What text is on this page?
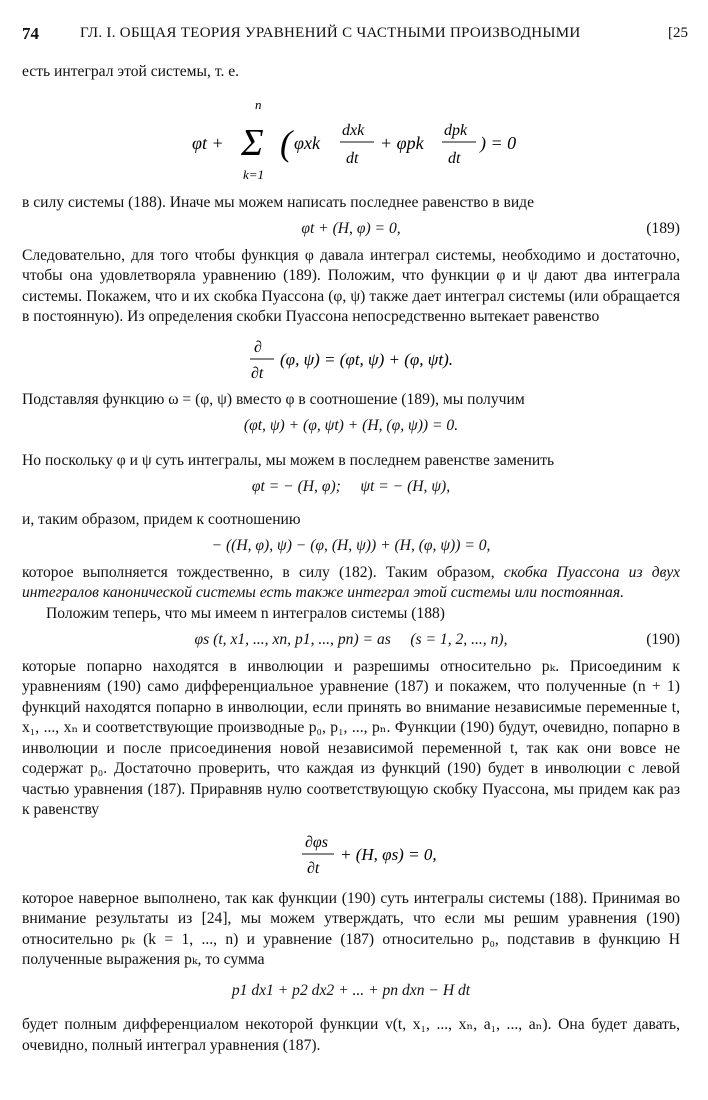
74	ГЛ. I. ОБЩАЯ ТЕОРИЯ УРАВНЕНИЙ С ЧАСТНЫМИ ПРОИЗВОДНЫМИ	[25

есть интеграл этой системы, т. е.

φt +
n
Σ
k=1
( φxk
dxk
dt
+ φpk
dpk
dt
) = 0

в силу системы (188). Иначе мы можем написать последнее равенство в виде

φt + (H, φ) = 0,	(189)

Следовательно, для того чтобы функция φ давала интеграл системы, необходимо и достаточно, чтобы она удовлетворяла уравнению (189). Положим, что функции φ и ψ дают два интеграла системы. Покажем, что и их скобка Пуассона (φ, ψ) также дает интеграл системы (или обращается в постоянную). Из определения скобки Пуассона непосредственно вытекает равенство

∂
∂t
(φ, ψ) = (φt, ψ) + (φ, ψt).

Подставляя функцию ω = (φ, ψ) вместо φ в соотношение (189), мы получим

(φt, ψ) + (φ, ψt) + (H, (φ, ψ)) = 0.

Но поскольку φ и ψ суть интегралы, мы можем в последнем равенстве заменить

φt = − (H, φ);     ψt = − (H, ψ),

и, таким образом, придем к соотношению

− ((H, φ), ψ) − (φ, (H, ψ)) + (H, (φ, ψ)) = 0,

которое выполняется тождественно, в силу (182). Таким образом, скобка Пуассона из двух интегралов канонической системы есть также интеграл этой системы или постоянная.

Положим теперь, что мы имеем n интегралов системы (188)

φs (t, x1, ..., xn, p1, ..., pn) = as     (s = 1, 2, ..., n),	(190)

которые попарно находятся в инволюции и разрешимы относительно pₖ. Присоединим к уравнениям (190) само дифференциальное уравнение (187) и покажем, что полученные (n + 1) функций находятся попарно в инволюции, если принять во внимание независимые переменные t, x₁, ..., xₙ и соответствующие производные p₀, p₁, ..., pₙ. Функции (190) будут, очевидно, попарно в инволюции и после присоединения новой независимой переменной t, так как они вовсе не содержат p₀. Достаточно проверить, что каждая из функций (190) будет в инволюции с левой частью уравнения (187). Приравняв нулю соответствующую скобку Пуассона, мы придем как раз к равенству

∂φs
∂t
+ (H, φs) = 0,

которое наверное выполнено, так как функции (190) суть интегралы системы (188). Принимая во внимание результаты из [24], мы можем утверждать, что если мы решим уравнения (190) относительно pₖ (k = 1, ..., n) и уравнение (187) относительно p₀, подставив в функцию H полученные выражения pₖ, то сумма

p1 dx1 + p2 dx2 + ... + pn dxn − H dt

будет полным дифференциалом некоторой функции v(t, x₁, ..., xₙ, a₁, ..., aₙ). Она будет давать, очевидно, полный интеграл уравнения (187).
